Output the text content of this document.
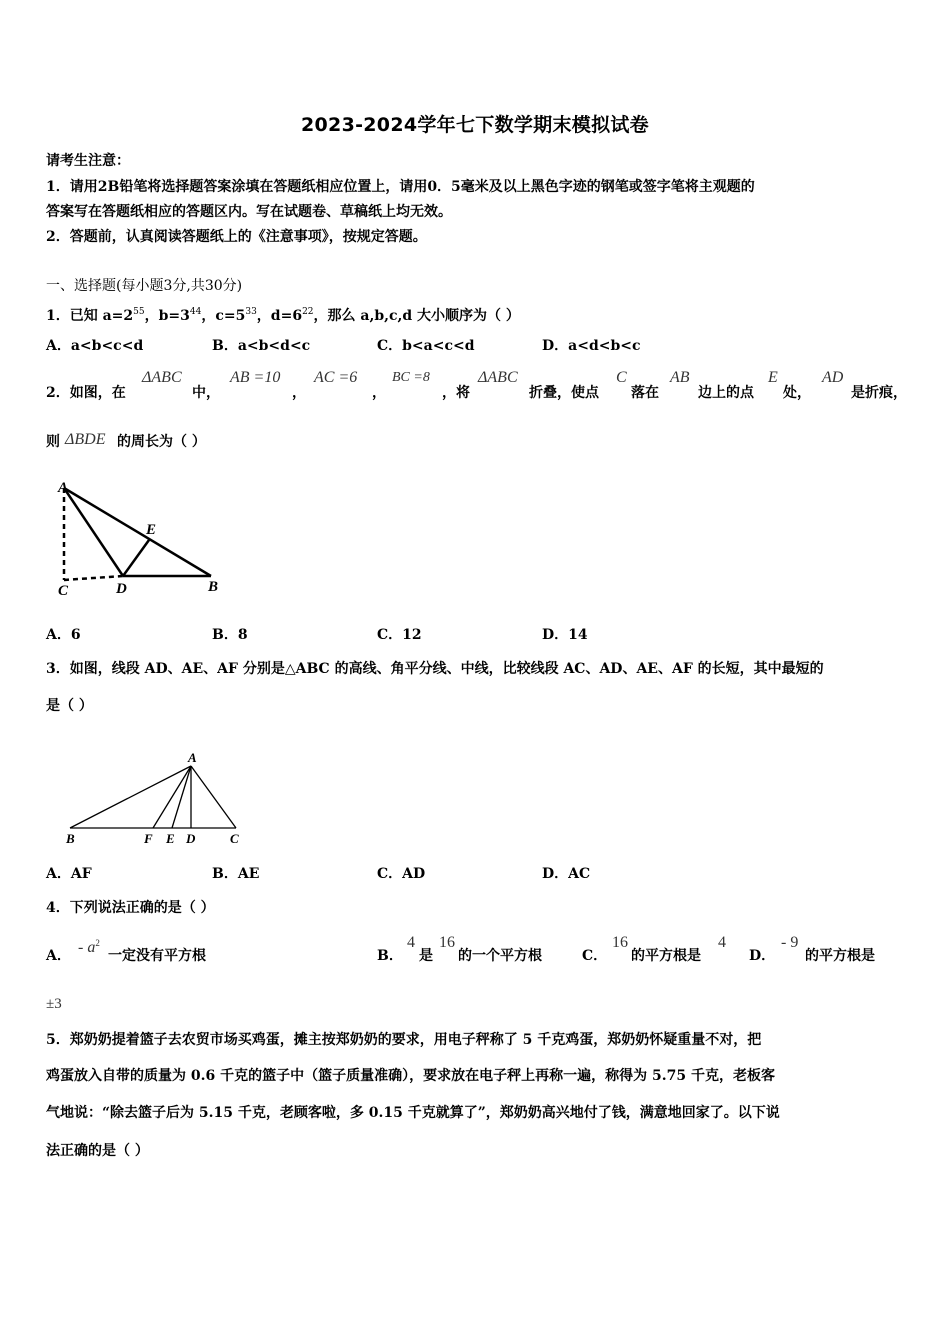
2023-2024学年七下数学期末模拟试卷
请考生注意：
1．请用2B铅笔将选择题答案涂填在答题纸相应位置上，请用0．5毫米及以上黑色字迹的钢笔或签字笔将主观题的
答案写在答题纸相应的答题区内。写在试题卷、草稿纸上均无效。
2．答题前，认真阅读答题纸上的《注意事项》，按规定答题。
一、选择题(每小题3分,共30分)
1．已知 $a=2^{55}$，$b=3^{44}$，$c=5^{33}$，$d=6^{22}$，那么 a,b,c,d 大小顺序为（ ）
A．a<b<c<d	B．a<b<d<c	C．b<a<c<d	D．a<d<b<c
2．如图，在
ΔABC
中，
AB =10
，
AC =6
，
BC =8
，将
ΔABC
折叠，使点
C
落在
AB
边上的点
E
处，
AD
是折痕，
则 ΔBDE 的周长为（ ）
A
E
C	D	B
A．6	B．8	C．12	D．14
3．如图，线段 AD、AE、AF 分别是△ABC 的高线、角平分线、中线，比较线段 AC、AD、AE、AF 的长短，其中最短的
是（ ）
A
B	F E D	C
A．AF	B．AE	C．AD	D．AC
4．下列说法正确的是（ ）
A． - $a^2$
一定没有平方根	B．
4
是
16
的一个平方根	C．
16
的平方根是
4
D．
- 9
的平方根是
±3
5．郑奶奶提着篮子去农贸市场买鸡蛋，摊主按郑奶奶的要求，用电子秤称了 5 千克鸡蛋，郑奶奶怀疑重量不对，把
鸡蛋放入自带的质量为 0.6 千克的篮子中（篮子质量准确），要求放在电子秤上再称一遍，称得为 5.75 千克，老板客
气地说：“除去篮子后为 5.15 千克，老顾客啦，多 0.15 千克就算了”，郑奶奶高兴地付了钱，满意地回家了。以下说
法正确的是（ ）
